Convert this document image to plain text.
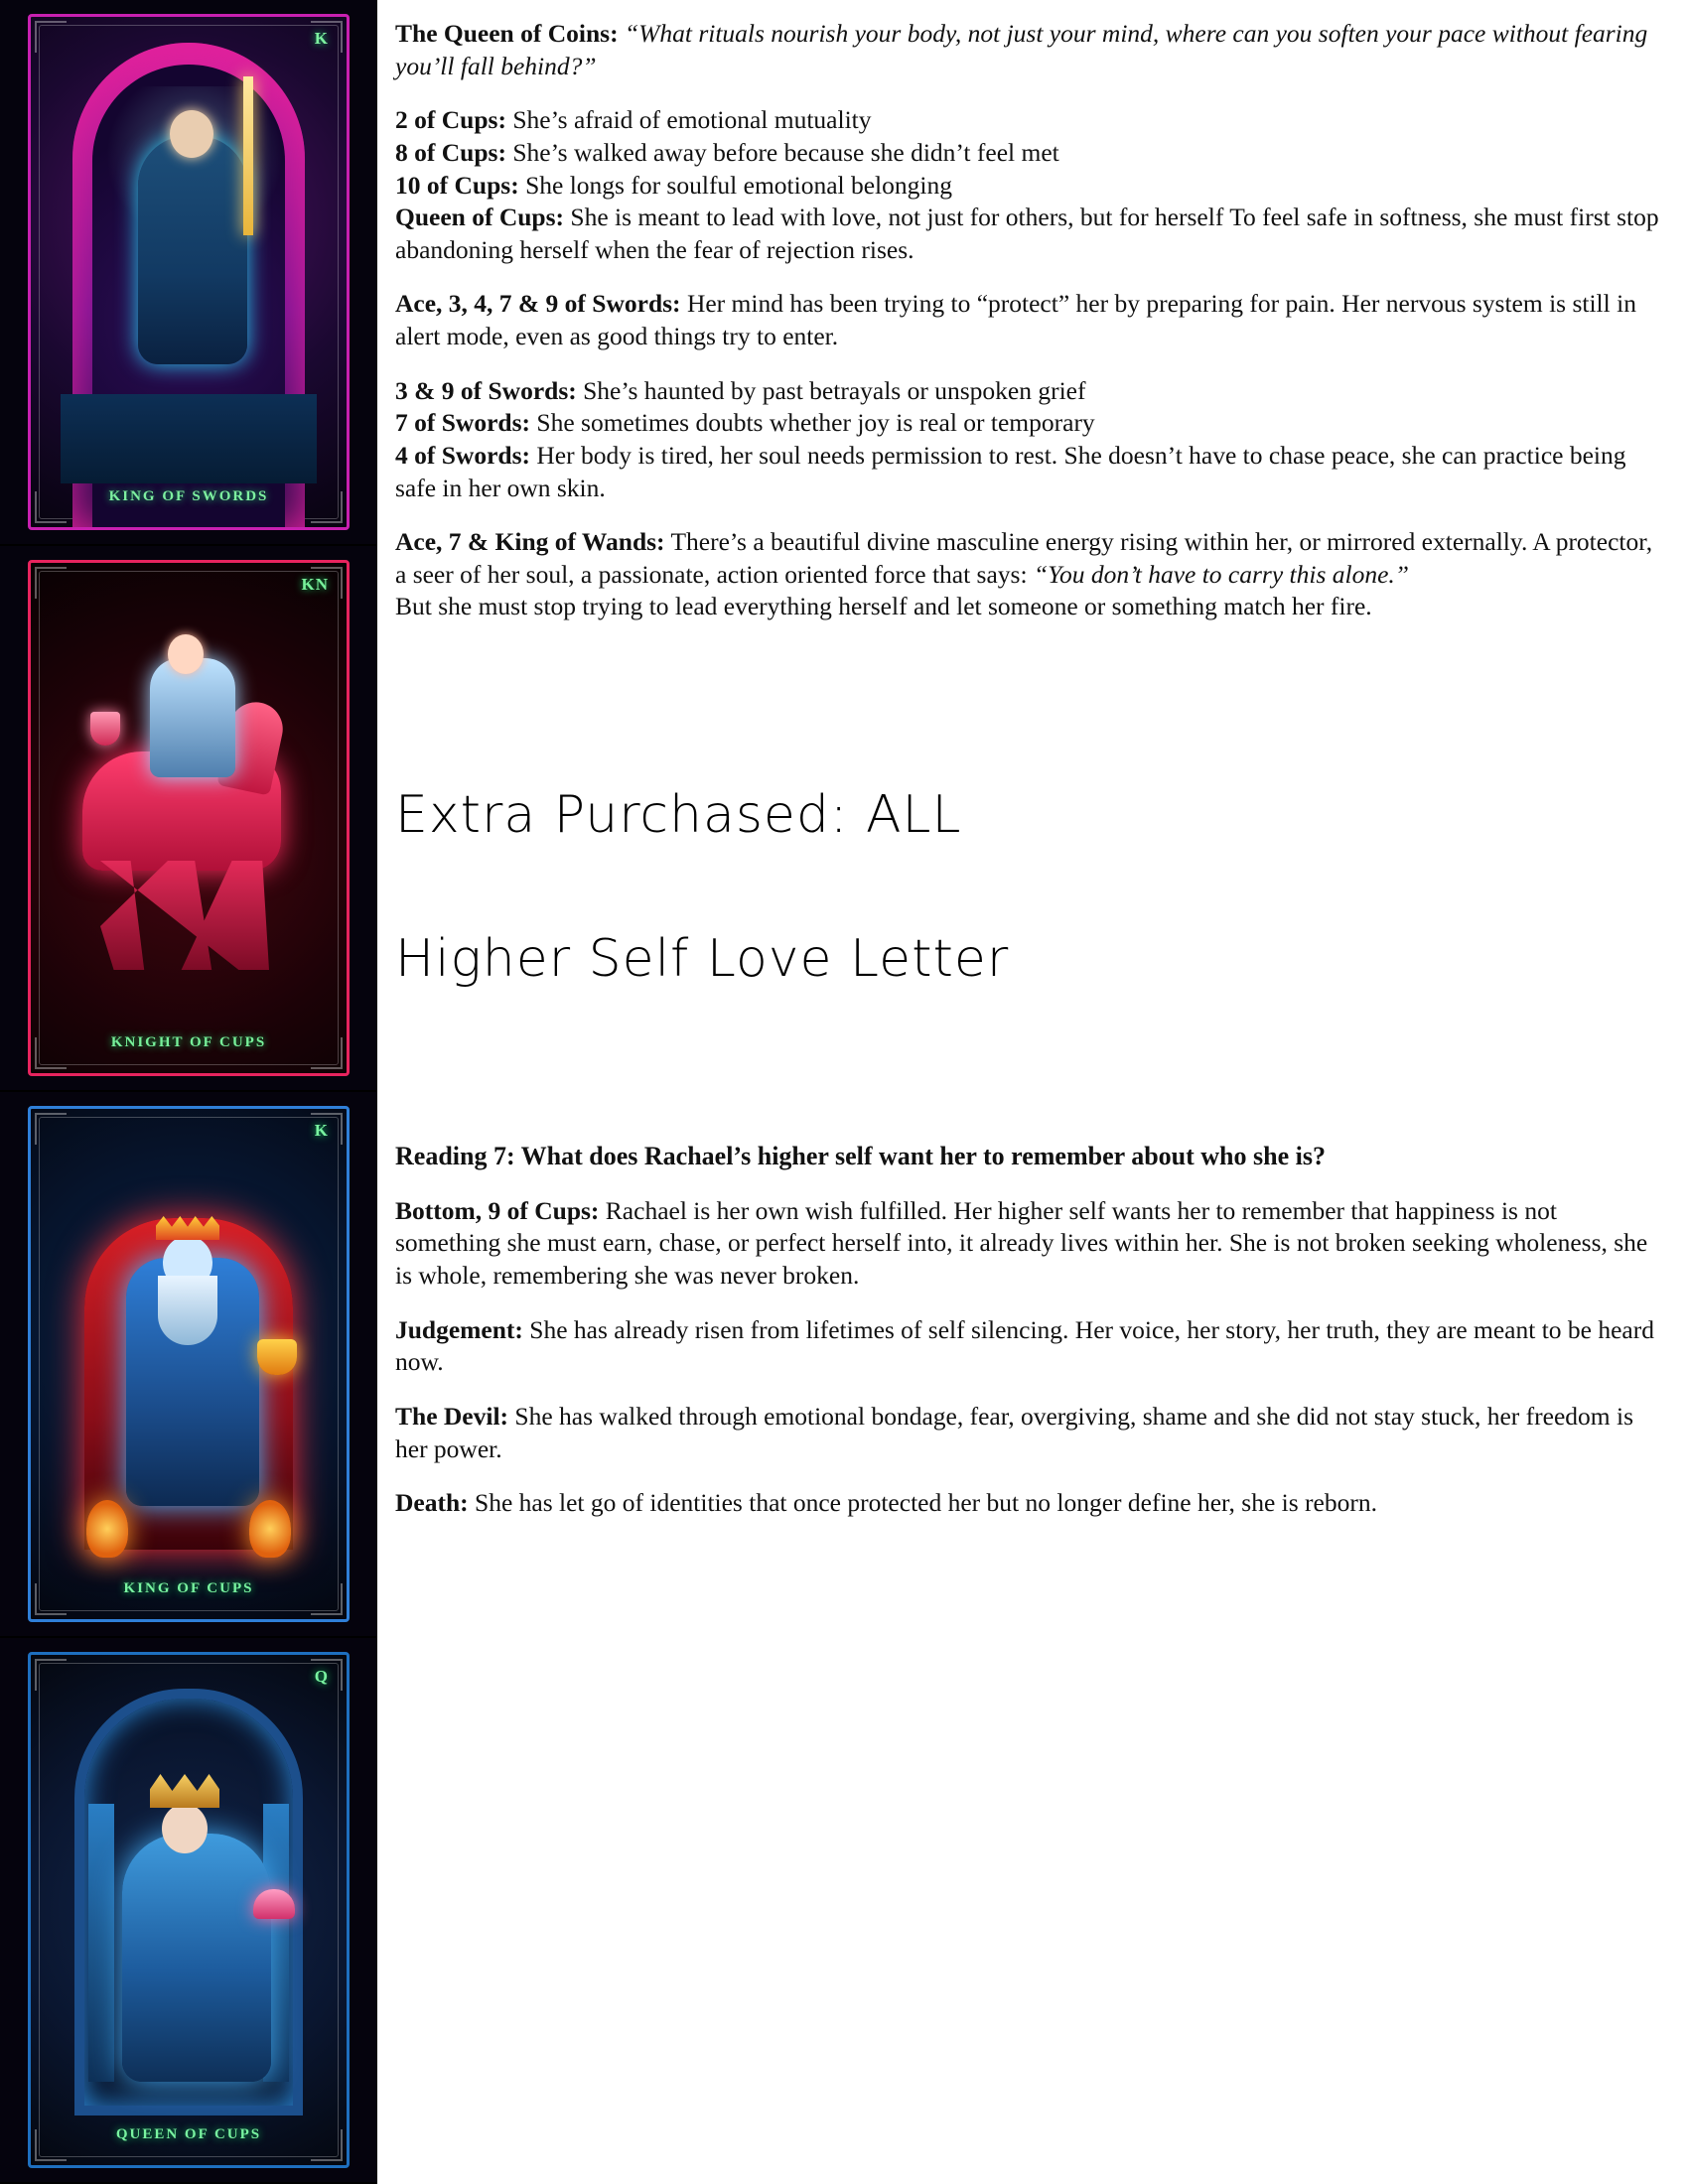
K
KING OF SWORDS
KN
KNIGHT OF CUPS
K
KING OF CUPS
Q
QUEEN OF CUPS

The Queen of Coins: “What rituals nourish your body, not just your mind, where can you soften your pace without fearing you’ll fall behind?”

2 of Cups: She’s afraid of emotional mutuality

8 of Cups: She’s walked away before because she didn’t feel met

10 of Cups: She longs for soulful emotional belonging

Queen of Cups: She is meant to lead with love, not just for others, but for herself To feel safe in softness, she must first stop abandoning herself when the fear of rejection rises.

Ace, 3, 4, 7 & 9 of Swords: Her mind has been trying to “protect” her by preparing for pain. Her nervous system is still in alert mode, even as good things try to enter.

3 & 9 of Swords: She’s haunted by past betrayals or unspoken grief

7 of Swords: She sometimes doubts whether joy is real or temporary

4 of Swords: Her body is tired, her soul needs permission to rest. She doesn’t have to chase peace, she can practice being safe in her own skin.

Ace, 7 & King of Wands: There’s a beautiful divine masculine energy rising within her, or mirrored externally. A protector, a seer of her soul, a passionate, action oriented force that says: “You don’t have to carry this alone.”

But she must stop trying to lead everything herself and let someone or something match her fire.

Extra Purchased: ALL

Higher Self Love Letter

Reading 7: What does Rachael’s higher self want her to remember about who she is?

Bottom, 9 of Cups: Rachael is her own wish fulfilled. Her higher self wants her to remember that happiness is not something she must earn, chase, or perfect herself into, it already lives within her. She is not broken seeking wholeness, she is whole, remembering she was never broken.

Judgement: She has already risen from lifetimes of self silencing. Her voice, her story, her truth, they are meant to be heard now.

The Devil: She has walked through emotional bondage, fear, overgiving, shame and she did not stay stuck, her freedom is her power.

Death: She has let go of identities that once protected her but no longer define her, she is reborn.
